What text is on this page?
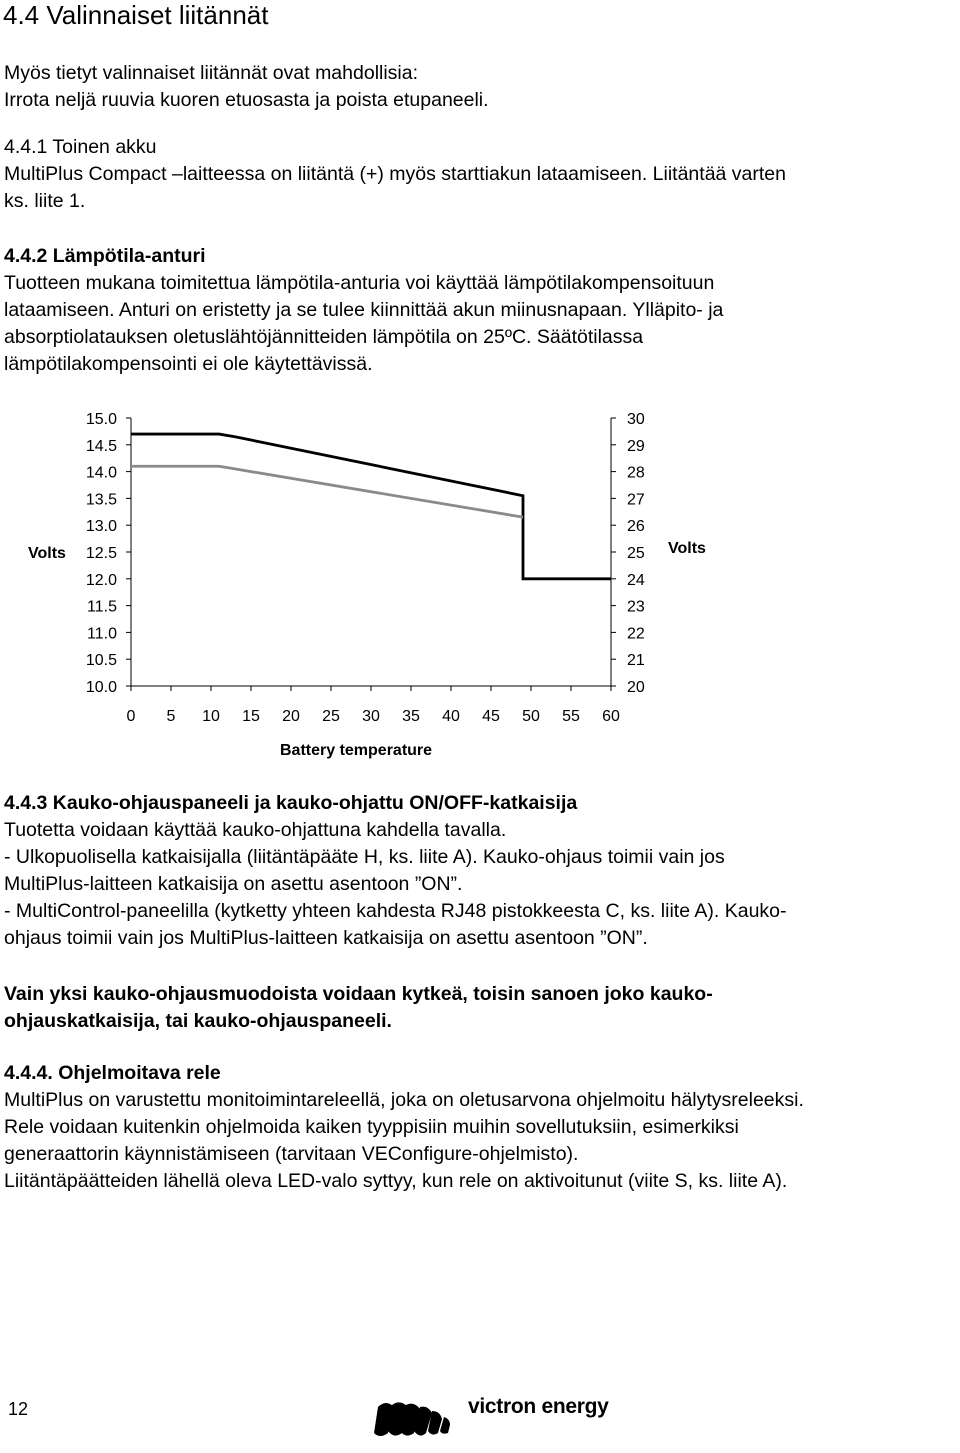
4.4 Valinnaiset liitännät
Myös tietyt valinnaiset liitännät ovat mahdollisia:
Irrota neljä ruuvia kuoren etuosasta ja poista etupaneeli.
4.4.1 Toinen akku
MultiPlus Compact –laitteessa on liitäntä (+) myös starttiakun lataamiseen. Liitäntää varten
ks. liite 1.
4.4.2 Lämpötila-anturi
Tuotteen mukana toimitettua lämpötila-anturia voi käyttää lämpötilakompensoituun
lataamiseen. Anturi on eristetty ja se tulee kiinnittää akun miinusnapaan. Ylläpito- ja
absorptiolatauksen oletuslähtöjännitteiden lämpötila on 25ºC. Säätötilassa
lämpötilakompensointi ei ole käytettävissä.
15.0
14.5
14.0
13.5
13.0
12.5
12.0
11.5
11.0
10.5
10.0
30
29
28
27
26
25
24
23
22
21
20
0 5 10 15 20 25 30 35 40 45 50 55 60
Volts	Volts
Battery temperature
4.4.3 Kauko-ohjauspaneeli ja kauko-ohjattu ON/OFF-katkaisija
Tuotetta voidaan käyttää kauko-ohjattuna kahdella tavalla.
- Ulkopuolisella katkaisijalla (liitäntäpääte H, ks. liite A). Kauko-ohjaus toimii vain jos
MultiPlus-laitteen katkaisija on asettu asentoon ”ON”.
- MultiControl-paneelilla (kytketty yhteen kahdesta RJ48 pistokkeesta C, ks. liite A). Kauko-
ohjaus toimii vain jos MultiPlus-laitteen katkaisija on asettu asentoon ”ON”.
Vain yksi kauko-ohjausmuodoista voidaan kytkeä, toisin sanoen joko kauko-
ohjauskatkaisija, tai kauko-ohjauspaneeli.
4.4.4. Ohjelmoitava rele
MultiPlus on varustettu monitoimintareleellä, joka on oletusarvona ohjelmoitu hälytysreleeksi.
Rele voidaan kuitenkin ohjelmoida kaiken tyyppisiin muihin sovellutuksiin, esimerkiksi
generaattorin käynnistämiseen (tarvitaan VEConfigure-ohjelmisto).
Liitäntäpäätteiden lähellä oleva LED-valo syttyy, kun rele on aktivoitunut (viite S, ks. liite A).
12	victron energy
